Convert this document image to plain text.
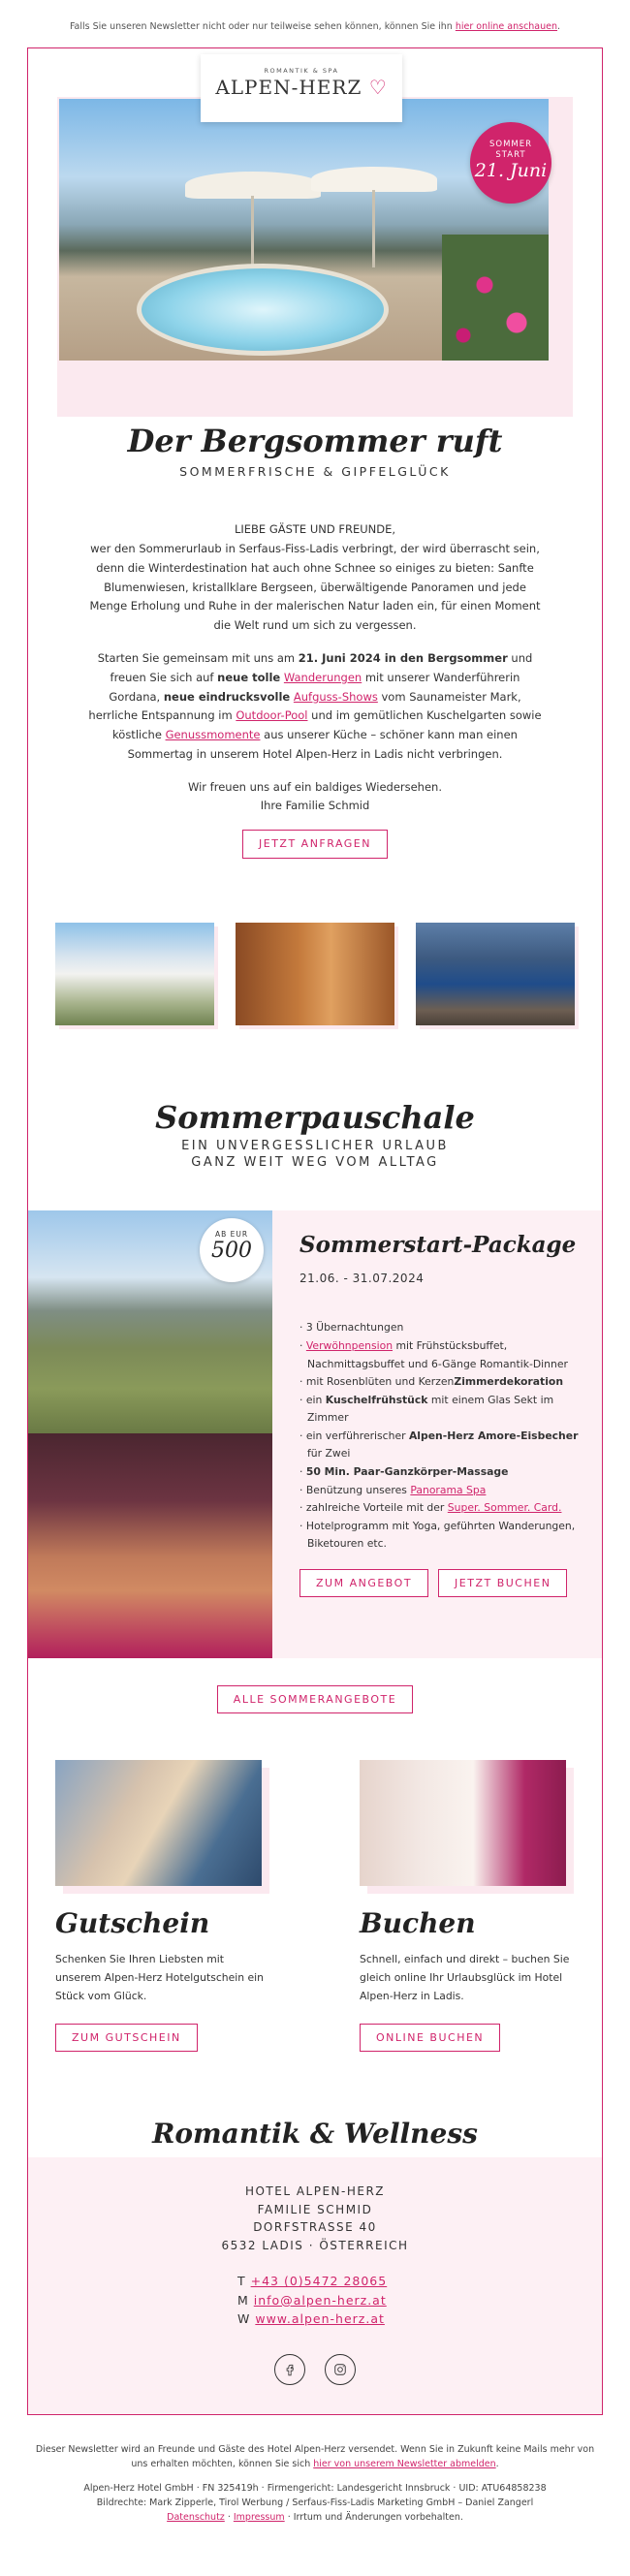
Falls Sie unseren Newsletter nicht oder nur teilweise sehen können, können Sie ihn hier online anschauen.
ROMANTIK & SPA
ALPEN-HERZ ♡
SOMMER
START
21. Juni
Der Bergsommer ruft
SOMMERFRISCHE & GIPFELGLÜCK

LIEBE GÄSTE UND FREUNDE,
wer den Sommerurlaub in Serfaus-Fiss-Ladis verbringt, der wird überrascht sein, denn die Winterdestination hat auch ohne Schnee so einiges zu bieten: Sanfte Blumenwiesen, kristallklare Bergseen, überwältigende Panoramen und jede Menge Erholung und Ruhe in der malerischen Natur laden ein, für einen Moment die Welt rund um sich zu vergessen.

Starten Sie gemeinsam mit uns am 21. Juni 2024 in den Bergsommer und freuen Sie sich auf neue tolle Wanderungen mit unserer Wanderführerin Gordana, neue eindrucksvolle Aufguss-Shows vom Saunameister Mark, herrliche Entspannung im Outdoor-Pool und im gemütlichen Kuschelgarten sowie köstliche Genussmomente aus unserer Küche – schöner kann man einen Sommertag in unserem Hotel Alpen-Herz in Ladis nicht verbringen.

Wir freuen uns auf ein baldiges Wiedersehen.
Ihre Familie Schmid

JETZT ANFRAGEN
Sommerpauschale
EIN UNVERGESSLICHER URLAUB
GANZ WEIT WEG VOM ALLTAG
AB EUR
500	Sommerstart-Package
21.06. - 31.07.2024
· 3 Übernachtungen
· Verwöhnpension mit Frühstücksbuffet, Nachmittagsbuffet und 6-Gänge Romantik-Dinner
· mit Rosenblüten und KerzenZimmerdekoration
· ein Kuschelfrühstück mit einem Glas Sekt im Zimmer
· ein verführerischer Alpen-Herz Amore-Eisbecher für Zwei
· 50 Min. Paar-Ganzkörper-Massage
· Benützung unseres Panorama Spa
· zahlreiche Vorteile mit der Super. Sommer. Card.
· Hotelprogramm mit Yoga, geführten Wanderungen, Biketouren etc.
ZUM ANGEBOT	JETZT BUCHEN
ALLE SOMMERANGEBOTE
Gutschein
Schenken Sie Ihren Liebsten mit unserem Alpen-Herz Hotelgutschein ein Stück vom Glück.
ZUM GUTSCHEIN
Buchen
Schnell, einfach und direkt – buchen Sie gleich online Ihr Urlaubsglück im Hotel Alpen-Herz in Ladis.
ONLINE BUCHEN
Romantik & Wellness
HOTEL ALPEN-HERZ
FAMILIE SCHMID
DORFSTRASSE 40
6532 LADIS · ÖSTERREICH
T +43 (0)5472 28065
M info@alpen-herz.at
W www.alpen-herz.at

Dieser Newsletter wird an Freunde und Gäste des Hotel Alpen-Herz versendet. Wenn Sie in Zukunft keine Mails mehr von uns erhalten möchten, können Sie sich hier von unserem Newsletter abmelden.

Alpen-Herz Hotel GmbH · FN 325419h · Firmengericht: Landesgericht Innsbruck · UID: ATU64858238
Bildrechte: Mark Zipperle, Tirol Werbung / Serfaus-Fiss-Ladis Marketing GmbH – Daniel Zangerl
Datenschutz · Impressum · Irrtum und Änderungen vorbehalten.
